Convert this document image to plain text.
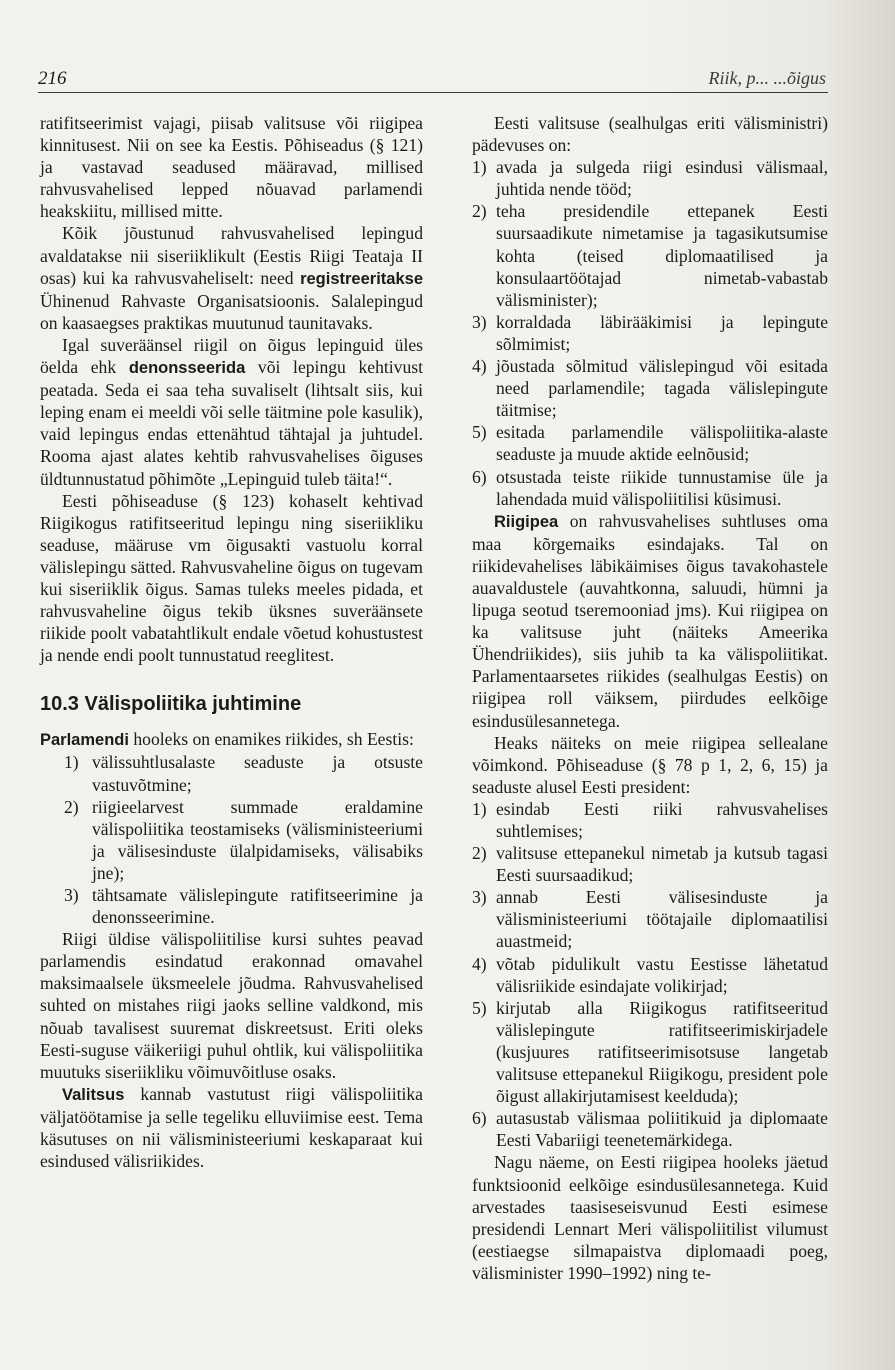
216	Riik, p... ...õigus

ratifitseerimist vajagi, piisab valitsuse või riigipea kinnitusest. Nii on see ka Eestis. Põhiseadus (§ 121) ja vastavad seadused määravad, millised rahvusvahelised lepped nõuavad parlamendi heakskiitu, millised mitte.

Kõik jõustunud rahvusvahelised lepingud avaldatakse nii siseriiklikult (Eestis Riigi Teataja II osas) kui ka rahvusvaheliselt: need registreeritakse Ühinenud Rahvaste Organisatsioonis. Salalepingud on kaasaegses praktikas muutunud taunitavaks.

Igal suveräänsel riigil on õigus lepinguid üles öelda ehk denonsseerida või lepingu kehtivust peatada. Seda ei saa teha suvaliselt (lihtsalt siis, kui leping enam ei meeldi või selle täitmine pole kasulik), vaid lepingus endas ettenähtud tähtajal ja juhtudel. Rooma ajast alates kehtib rahvusvahelises õiguses üldtunnustatud põhimõte „Lepinguid tuleb täita!“.

Eesti põhiseaduse (§ 123) kohaselt kehtivad Riigikogus ratifitseeritud lepingu ning siseriikliku seaduse, määruse vm õigusakti vastuolu korral välislepingu sätted. Rahvusvaheline õigus on tugevam kui siseriiklik õigus. Samas tuleks meeles pidada, et rahvusvaheline õigus tekib üksnes suveräänsete riikide poolt vabatahtlikult endale võetud kohustustest ja nende endi poolt tunnustatud reeglitest.

10.3 Välispoliitika juhtimine

Parlamendi hooleks on enamikes riikides, sh Eestis:

1) välissuhtlusalaste seaduste ja otsuste vastuvõtmine;
2) riigieelarvest summade eraldamine välispoliitika teostamiseks (välisministeeriumi ja välisesinduste ülalpidamiseks, välisabiks jne);
3) tähtsamate välislepingute ratifitseerimine ja denonsseerimine.

Riigi üldise välispoliitilise kursi suhtes peavad parlamendis esindatud erakonnad omavahel maksimaalsele üksmeelele jõudma. Rahvusvahelised suhted on mistahes riigi jaoks selline valdkond, mis nõuab tavalisest suuremat diskreetsust. Eriti oleks Eesti-suguse väikeriigi puhul ohtlik, kui välispoliitika muutuks siseriikliku võimuvõitluse osaks.

Valitsus kannab vastutust riigi välispoliitika väljatöötamise ja selle tegeliku elluviimise eest. Tema käsutuses on nii välisministeeriumi keskaparaat kui esindused välisriikides.

Eesti valitsuse (sealhulgas eriti välisministri) pädevuses on:

1) avada ja sulgeda riigi esindusi välismaal, juhtida nende tööd;
2) teha presidendile ettepanek Eesti suursaadikute nimetamise ja tagasikutsumise kohta (teised diplomaatilised ja konsulaartöötajad nimetab-vabastab välisminister);
3) korraldada läbirääkimisi ja lepingute sõlmimist;
4) jõustada sõlmitud välislepingud või esitada need parlamendile; tagada välislepingute täitmise;
5) esitada parlamendile välispoliitika-alaste seaduste ja muude aktide eelnõusid;
6) otsustada teiste riikide tunnustamise üle ja lahendada muid välispoliitilisi küsimusi.

Riigipea on rahvusvahelises suhtluses oma maa kõrgemaiks esindajaks. Tal on riikidevahelises läbikäimises õigus tavakohastele auavaldustele (auvahtkonna, saluudi, hümni ja lipuga seotud tseremooniad jms). Kui riigipea on ka valitsuse juht (näiteks Ameerika Ühendriikides), siis juhib ta ka välispoliitikat. Parlamentaarsetes riikides (sealhulgas Eestis) on riigipea roll väiksem, piirdudes eelkõige esindusülesannetega.

Heaks näiteks on meie riigipea sellealane võimkond. Põhiseaduse (§ 78 p 1, 2, 6, 15) ja seaduste alusel Eesti president:

1) esindab Eesti riiki rahvusvahelises suhtlemises;
2) valitsuse ettepanekul nimetab ja kutsub tagasi Eesti suursaadikud;
3) annab Eesti välisesinduste ja välisministeeriumi töötajaile diplomaatilisi auastmeid;
4) võtab pidulikult vastu Eestisse lähetatud välisriikide esindajate volikirjad;
5) kirjutab alla Riigikogus ratifitseeritud välislepingute ratifitseerimiskirjadele (kusjuures ratifitseerimisotsuse langetab valitsuse ettepanekul Riigikogu, president pole õigust allakirjutamisest keelduda);
6) autasustab välismaa poliitikuid ja diplomaate Eesti Vabariigi teenetemärkidega.

Nagu näeme, on Eesti riigipea hooleks jäetud funktsioonid eelkõige esindusülesannetega. Kuid arvestades taasiseseisvunud Eesti esimese presidendi Lennart Meri välispoliitilist vilumust (eestiaegse silmapaistva diplomaadi poeg, välisminister 1990–1992) ning te-
